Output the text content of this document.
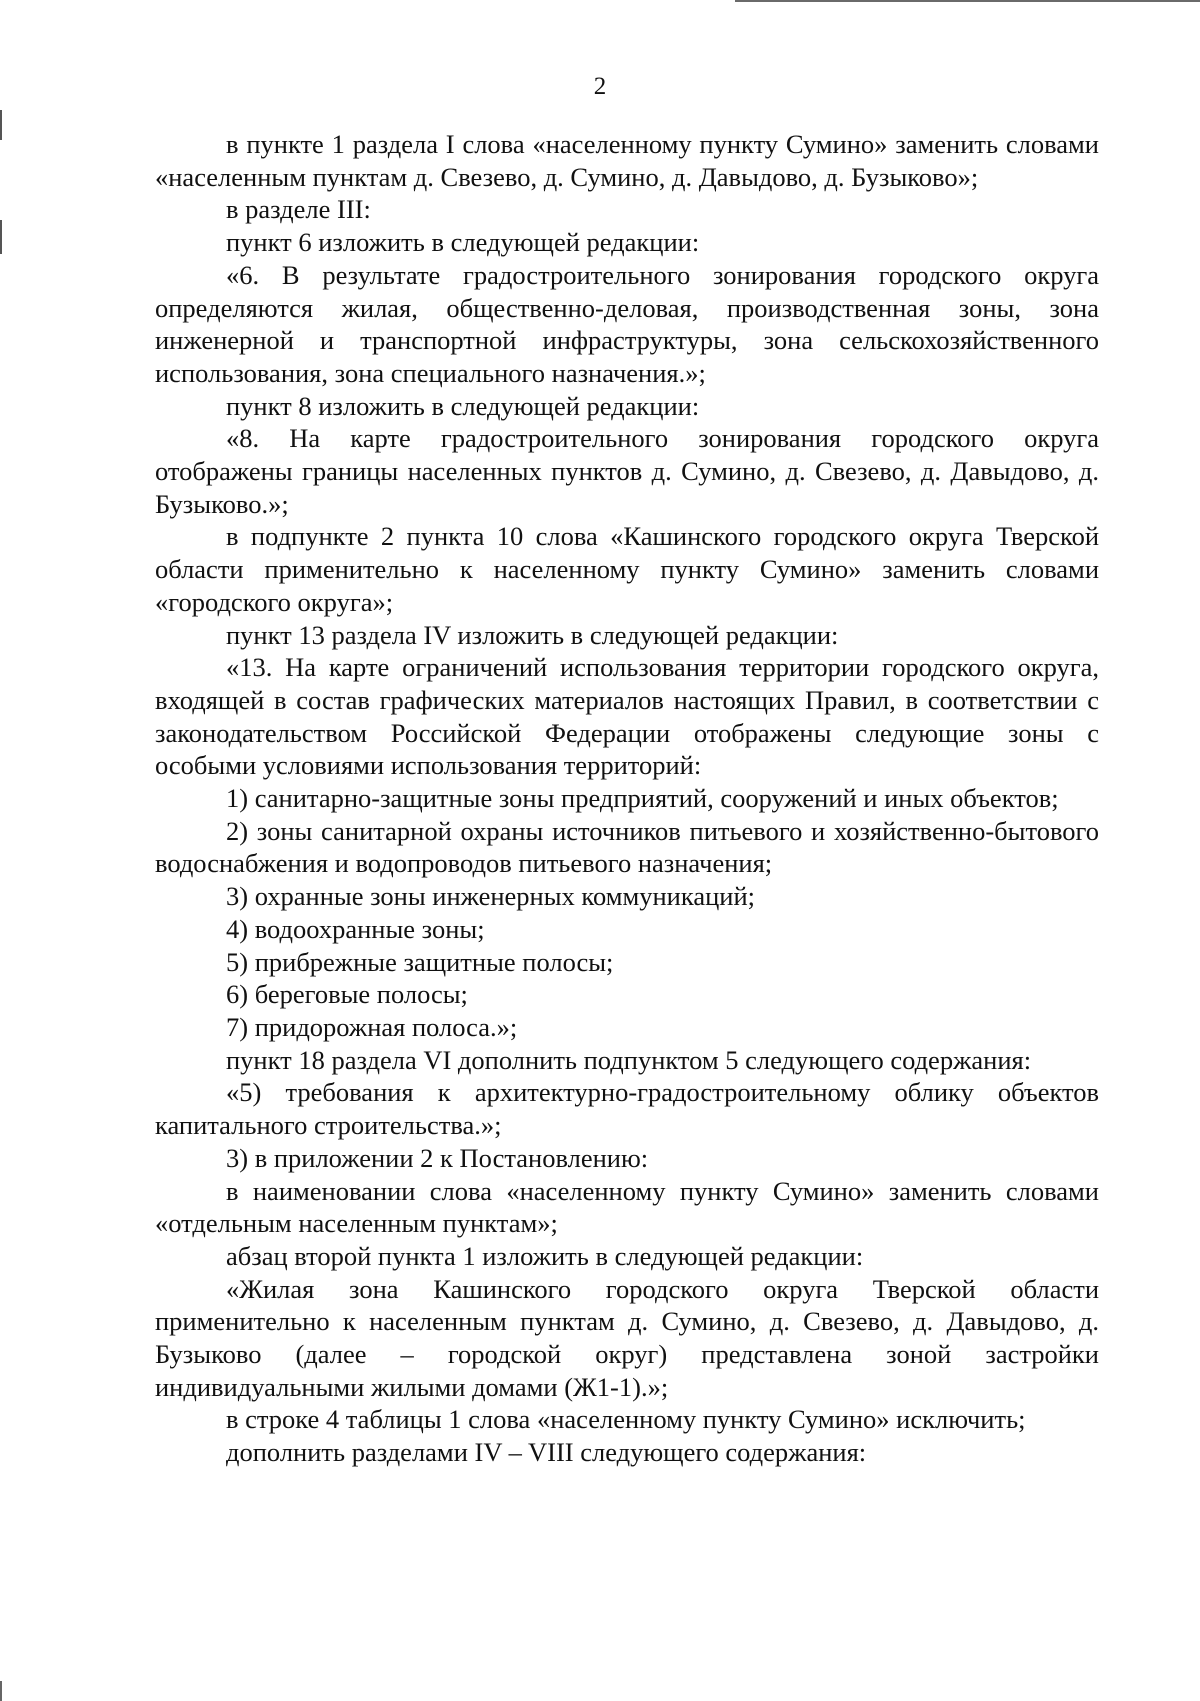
2

в пункте 1 раздела I слова «населенному пункту Сумино» заменить словами «населенным пунктам д. Свезево, д. Сумино, д. Давыдово, д. Бузыково»;

в разделе III:

пункт 6 изложить в следующей редакции:

«6. В результате градостроительного зонирования городского округа определяются жилая, общественно-деловая, производственная зоны, зона инженерной и транспортной инфраструктуры, зона сельскохозяйственного использования, зона специального назначения.»;

пункт 8 изложить в следующей редакции:

«8. На карте градостроительного зонирования городского округа отображены границы населенных пунктов д. Сумино, д. Свезево, д. Давыдово, д. Бузыково.»;

в подпункте 2 пункта 10 слова «Кашинского городского округа Тверской области применительно к населенному пункту Сумино» заменить словами «городского округа»;

пункт 13 раздела IV изложить в следующей редакции:

«13. На карте ограничений использования территории городского округа, входящей в состав графических материалов настоящих Правил, в соответствии с законодательством Российской Федерации отображены следующие зоны с особыми условиями использования территорий:

1) санитарно-защитные зоны предприятий, сооружений и иных объектов;

2) зоны санитарной охраны источников питьевого и хозяйственно-бытового водоснабжения и водопроводов питьевого назначения;

3) охранные зоны инженерных коммуникаций;

4) водоохранные зоны;

5) прибрежные защитные полосы;

6) береговые полосы;

7) придорожная полоса.»;

пункт 18 раздела VI дополнить подпунктом 5 следующего содержания:

«5) требования к архитектурно-градостроительному облику объектов капитального строительства.»;

3) в приложении 2 к Постановлению:

в наименовании слова «населенному пункту Сумино» заменить словами «отдельным населенным пунктам»;

абзац второй пункта 1 изложить в следующей редакции:

«Жилая зона Кашинского городского округа Тверской области применительно к населенным пунктам д. Сумино, д. Свезево, д. Давыдово, д. Бузыково (далее – городской округ) представлена зоной застройки индивидуальными жилыми домами (Ж1-1).»;

в строке 4 таблицы 1 слова «населенному пункту Сумино» исключить;

дополнить разделами IV – VIII следующего содержания:
